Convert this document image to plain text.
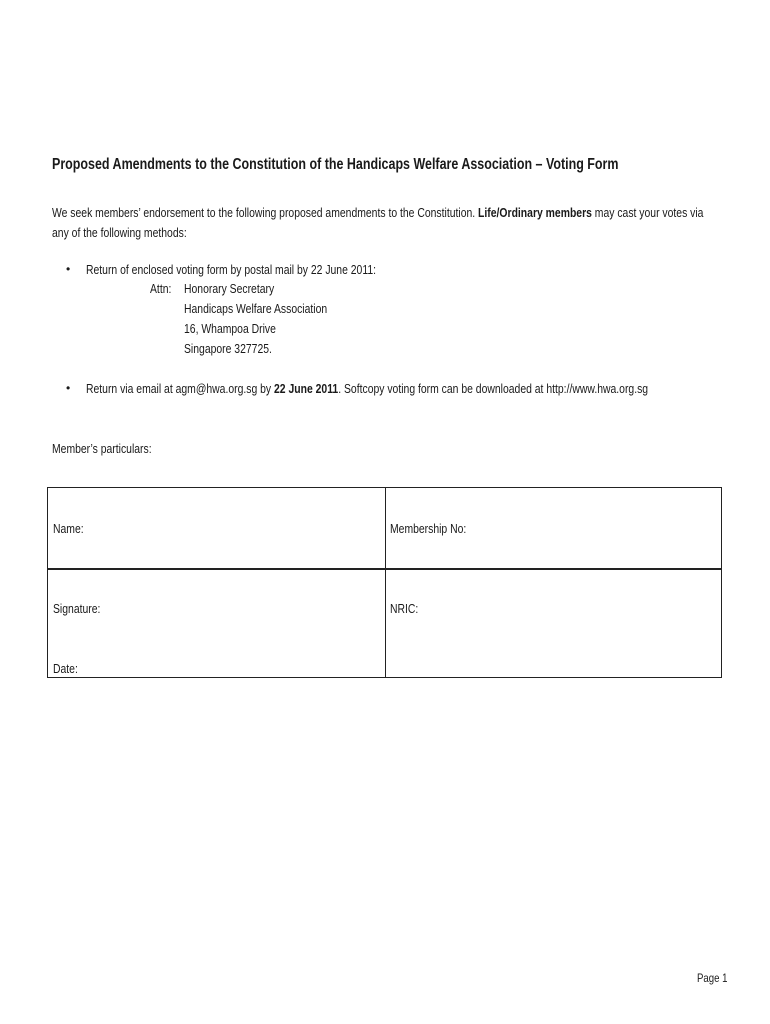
Proposed Amendments to the Constitution of the Handicaps Welfare Association – Voting Form
We seek members’ endorsement to the following proposed amendments to the Constitution. Life/Ordinary members may cast your votes via any of the following methods:
• Return of enclosed voting form by postal mail by 22 June 2011:
Attn: Honorary Secretary
Handicaps Welfare Association
16, Whampoa Drive
Singapore 327725.
• Return via email at agm@hwa.org.sg by 22 June 2011. Softcopy voting form can be downloaded at http://www.hwa.org.sg
Member’s particulars:
Name:	Membership No:
Signature:	NRIC:
Date:
Page 1
